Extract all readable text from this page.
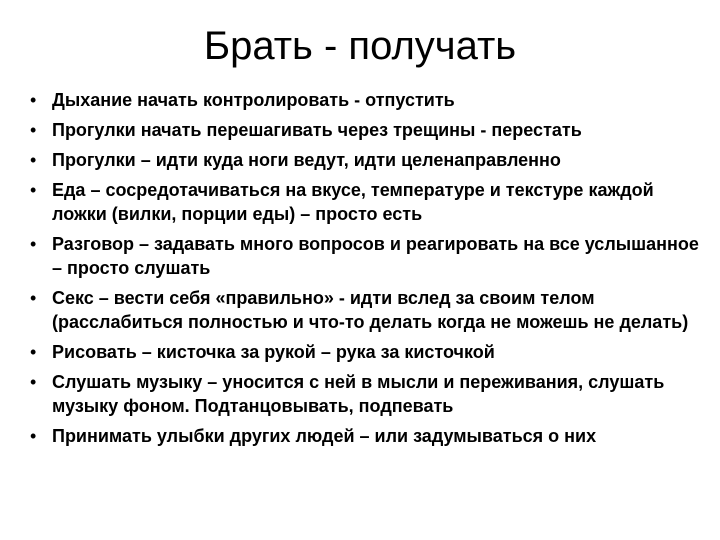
Брать - получать
• Дыхание начать контролировать - отпустить
• Прогулки начать перешагивать через трещины - перестать
• Прогулки – идти куда ноги ведут, идти целенаправленно
• Еда – сосредотачиваться на вкусе, температуре и текстуре каждой ложки (вилки, порции еды) – просто есть
• Разговор – задавать много вопросов и реагировать на все услышанное – просто слушать
• Секс – вести себя «правильно» - идти вслед за своим телом (расслабиться полностью и что-то делать когда не можешь не делать)
• Рисовать – кисточка за рукой – рука за кисточкой
• Слушать музыку – уносится с ней в мысли и переживания, слушать музыку фоном. Подтанцовывать, подпевать
• Принимать улыбки других людей – или задумываться о них
